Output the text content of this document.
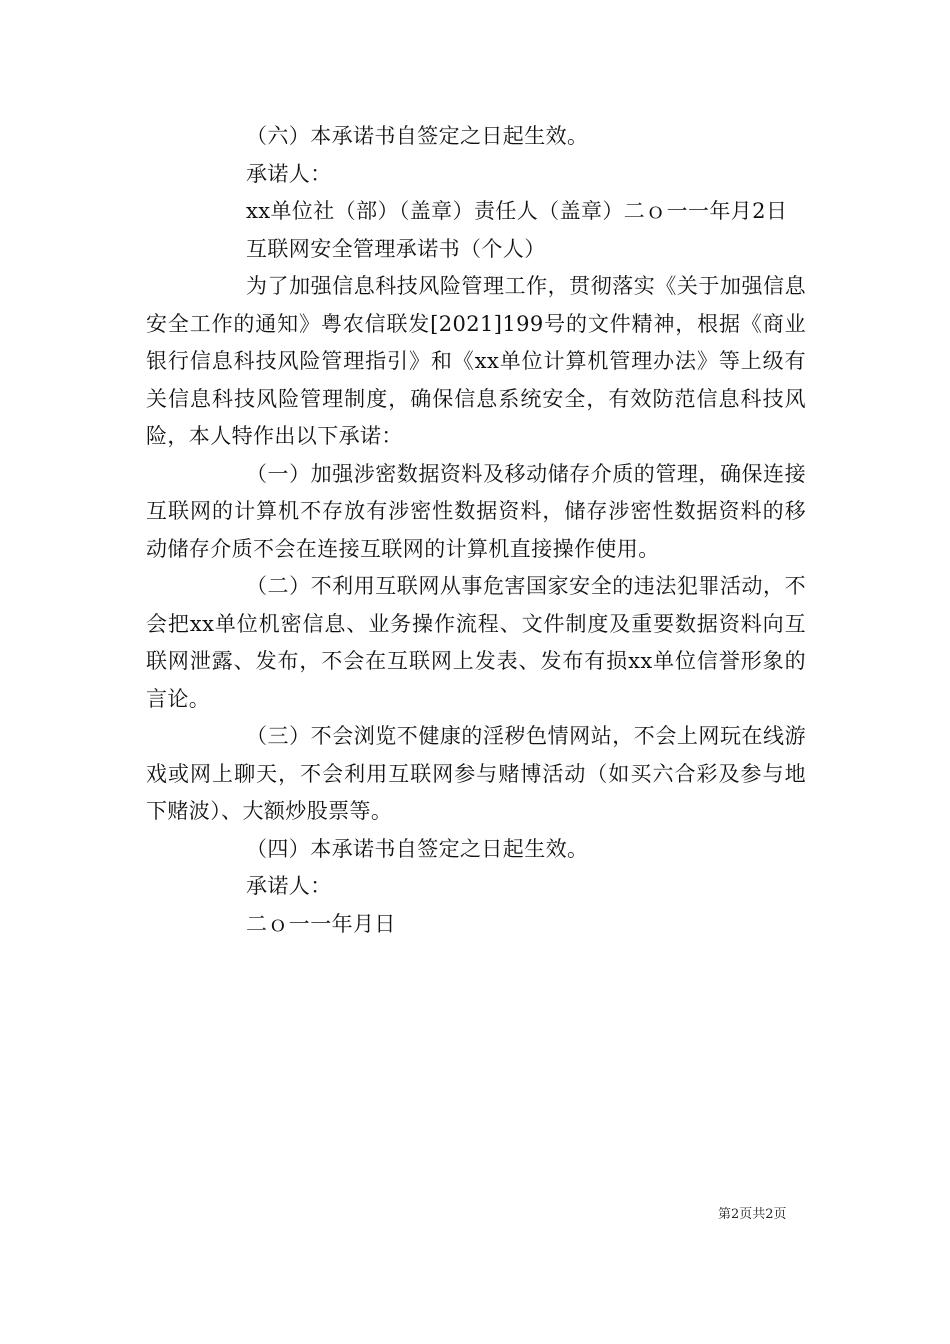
（六）本承诺书自签定之日起生效。

承诺人：

xx单位社（部）（盖章）责任人（盖章）二ｏ一一年月2日

互联网安全管理承诺书（个人）

为了加强信息科技风险管理工作，贯彻落实《关于加强信息安全工作的通知》粤农信联发[2021]199号的文件精神，根据《商业银行信息科技风险管理指引》和《xx单位计算机管理办法》等上级有关信息科技风险管理制度，确保信息系统安全，有效防范信息科技风险，本人特作出以下承诺：

（一）加强涉密数据资料及移动储存介质的管理，确保连接互联网的计算机不存放有涉密性数据资料，储存涉密性数据资料的移动储存介质不会在连接互联网的计算机直接操作使用。

（二）不利用互联网从事危害国家安全的违法犯罪活动，不会把xx单位机密信息、业务操作流程、文件制度及重要数据资料向互联网泄露、发布，不会在互联网上发表、发布有损xx单位信誉形象的言论。

（三）不会浏览不健康的淫秽色情网站，不会上网玩在线游戏或网上聊天，不会利用互联网参与赌博活动（如买六合彩及参与地下赌波）、大额炒股票等。

（四）本承诺书自签定之日起生效。

承诺人：

二ｏ一一年月日

第2页共2页
